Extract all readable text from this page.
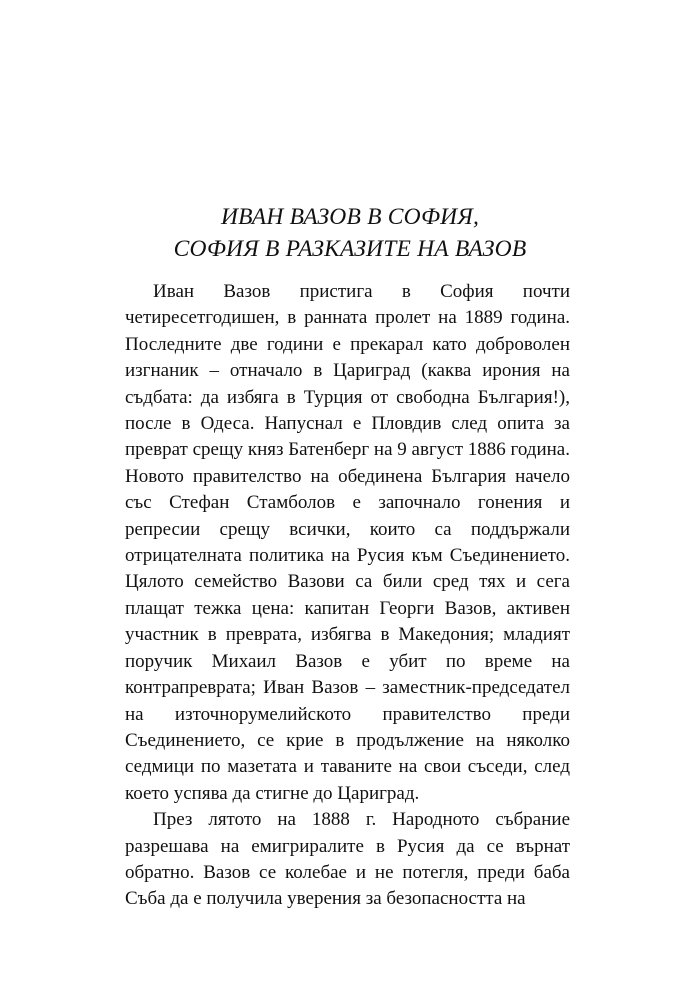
ИВАН ВАЗОВ В СОФИЯ,
СОФИЯ В РАЗКАЗИТЕ НА ВАЗОВ

Иван Вазов пристига в София почти четиресетгодишен, в ранната пролет на 1889 година. Последните две години е прекарал като доброволен изгнаник – отначало в Цариград (каква ирония на съдбата: да избяга в Турция от свободна България!), после в Одеса. Напуснал е Пловдив след опита за преврат срещу княз Батенберг на 9 август 1886 година. Новото правителство на обединена България начело със Стефан Стамболов е започнало гонения и репресии срещу всички, които са поддържали отрицателната политика на Русия към Съединението. Цялото семейство Вазови са били сред тях и сега плащат тежка цена: капитан Георги Вазов, активен участник в преврата, избягва в Македония; младият поручик Михаил Вазов е убит по време на контрапреврата; Иван Вазов – заместник-председател на източнорумелийското правителство преди Съединението, се крие в продължение на няколко седмици по мазетата и таваните на свои съседи, след което успява да стигне до Цариград.

През лятото на 1888 г. Народното събрание разрешава на емигриралите в Русия да се върнат обратно. Вазов се колебае и не потегля, преди баба Съба да е получила уверения за безопасността на
